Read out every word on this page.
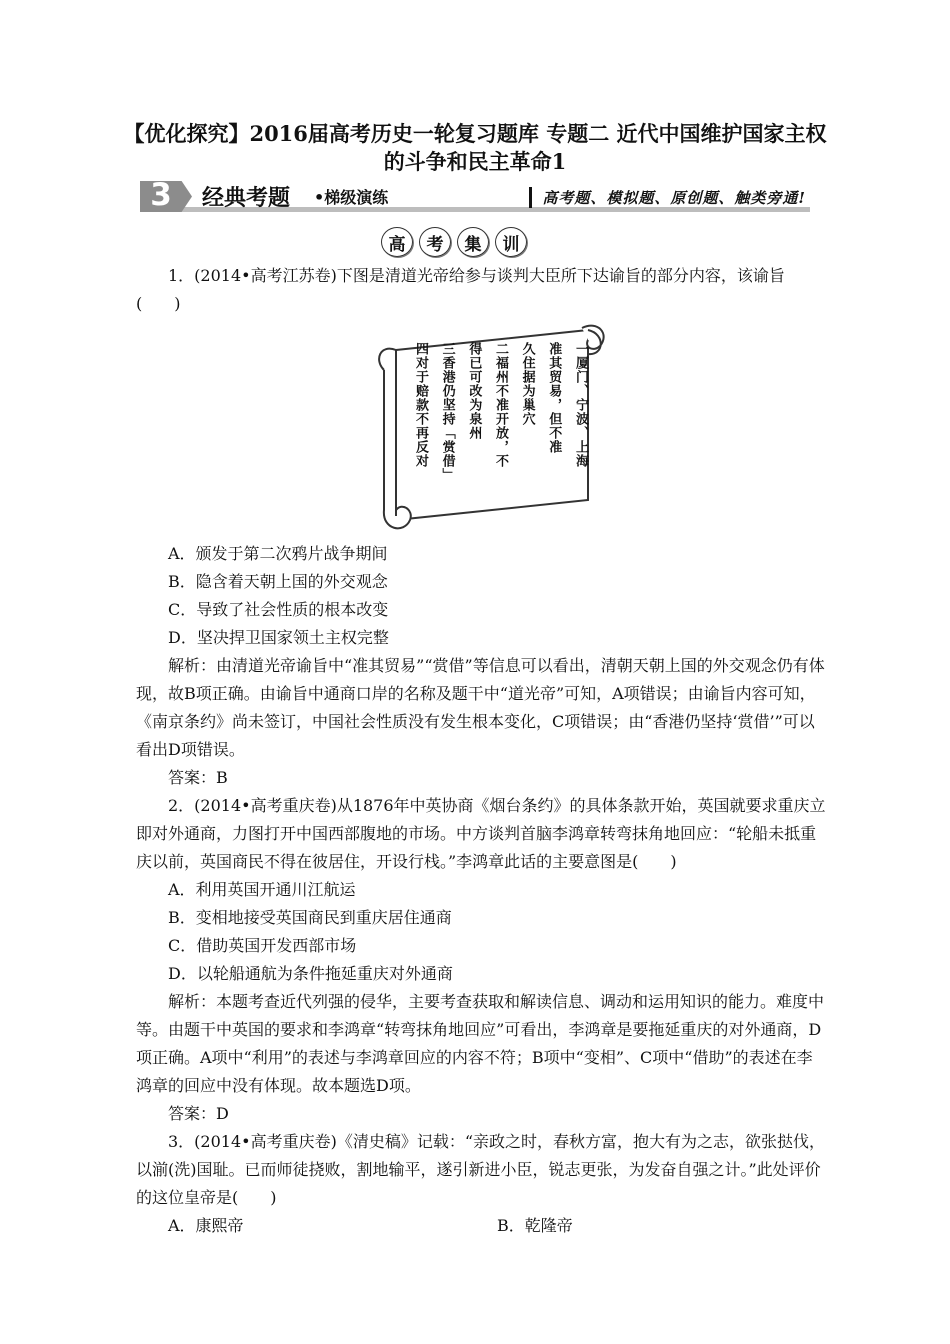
【优化探究】2016届高考历史一轮复习题库 专题二 近代中国维护国家主权的斗争和民主革命1
3	经典考题 •梯级演练	高考题、模拟题、原创题、触类旁通!
高	考	集	训

1．(2014•高考江苏卷)下图是清道光帝给参与谈判大臣所下达谕旨的部分内容，该谕旨(　　)

一厦门、宁波、上海
准其贸易，但不准
久住据为巢穴
二福州不准开放，不
得已可改为泉州
三香港仍坚持「赏借」
四对于赔款不再反对

A．颁发于第二次鸦片战争期间

B．隐含着天朝上国的外交观念

C．导致了社会性质的根本改变

D．坚决捍卫国家领土主权完整

解析：由清道光帝谕旨中“准其贸易”“赏借”等信息可以看出，清朝天朝上国的外交观念仍有体现，故B项正确。由谕旨中通商口岸的名称及题干中“道光帝”可知，A项错误；由谕旨内容可知，《南京条约》尚未签订，中国社会性质没有发生根本变化，C项错误；由“香港仍坚持‘赏借’”可以看出D项错误。

答案：B

2．(2014•高考重庆卷)从1876年中英协商《烟台条约》的具体条款开始，英国就要求重庆立即对外通商，力图打开中国西部腹地的市场。中方谈判首脑李鸿章转弯抹角地回应：“轮船未抵重庆以前，英国商民不得在彼居住，开设行栈。”李鸿章此话的主要意图是(　　)

A．利用英国开通川江航运

B．变相地接受英国商民到重庆居住通商

C．借助英国开发西部市场

D．以轮船通航为条件拖延重庆对外通商

解析：本题考查近代列强的侵华，主要考查获取和解读信息、调动和运用知识的能力。难度中等。由题干中英国的要求和李鸿章“转弯抹角地回应”可看出，李鸿章是要拖延重庆的对外通商，D项正确。A项中“利用”的表述与李鸿章回应的内容不符；B项中“变相”、C项中“借助”的表述在李鸿章的回应中没有体现。故本题选D项。

答案：D

3．(2014•高考重庆卷)《清史稿》记载：“亲政之时，春秋方富，抱大有为之志，欲张挞伐，以湔(洗)国耻。已而师徒挠败，割地输平，遂引新进小臣，锐志更张，为发奋自强之计。”此处评价的这位皇帝是(　　)

A．康熙帝	B．乾隆帝
